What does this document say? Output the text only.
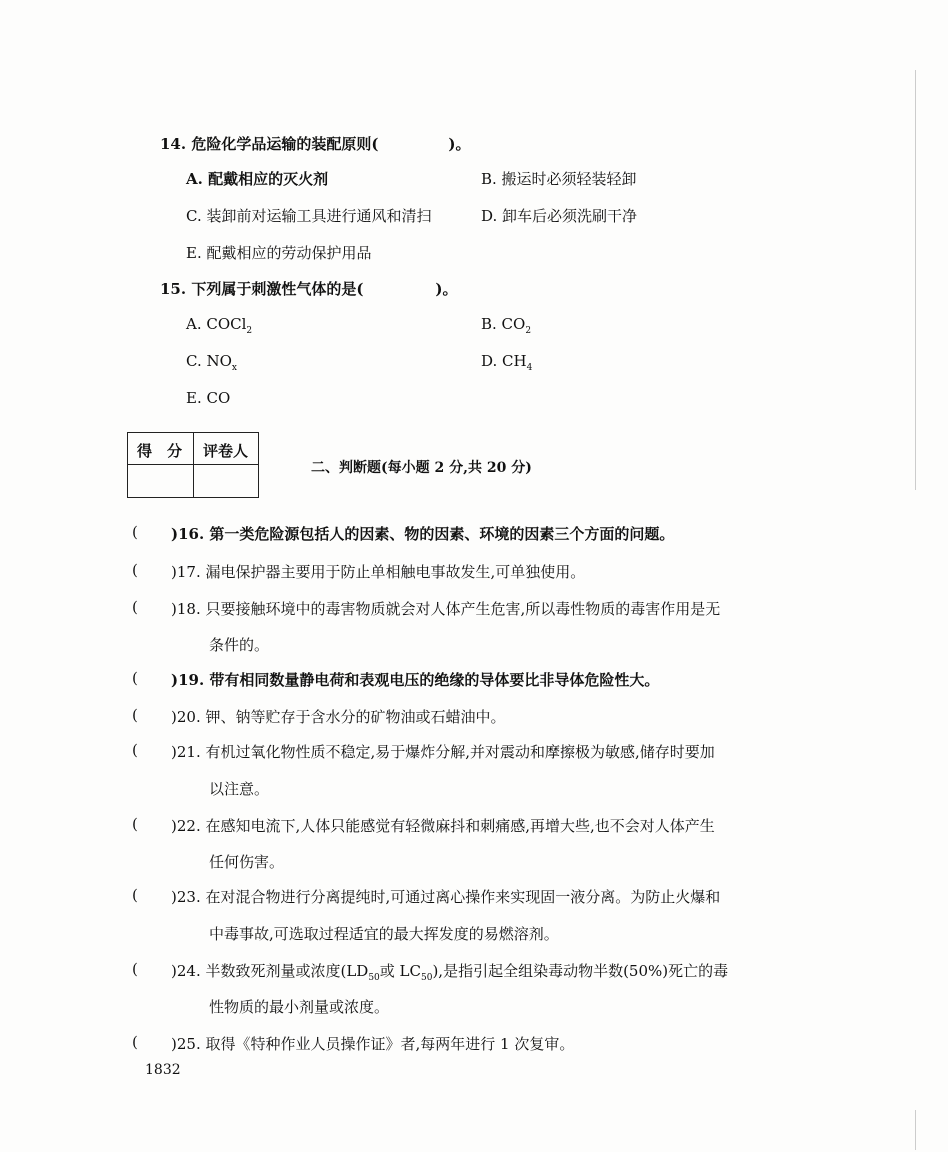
14. 危险化学品运输的装配原则(	)。
A. 配戴相应的灭火剂	B. 搬运时必须轻装轻卸
C. 装卸前对运输工具进行通风和清扫	D. 卸车后必须洗刷干净
E. 配戴相应的劳动保护用品
15. 下列属于刺激性气体的是(	)。
A. COCl$_2$	B. $CO_2$
C. $NO_x$	D. $CH_4$
E. CO
得　分 评卷人
二、判断题(每小题 2 分,共 20 分)
( )16. 第一类危险源包括人的因素、物的因素、环境的因素三个方面的问题。
( )17. 漏电保护器主要用于防止单相触电事故发生,可单独使用。
( )18. 只要接触环境中的毒害物质就会对人体产生危害,所以毒性物质的毒害作用是无
条件的。
( )19. 带有相同数量静电荷和表观电压的绝缘的导体要比非导体危险性大。
( )20. 钾、钠等贮存于含水分的矿物油或石蜡油中。
( )21. 有机过氧化物性质不稳定,易于爆炸分解,并对震动和摩擦极为敏感,储存时要加
以注意。
( )22. 在感知电流下,人体只能感觉有轻微麻抖和刺痛感,再增大些,也不会对人体产生
任何伤害。
( )23. 在对混合物进行分离提纯时,可通过离心操作来实现固一液分离。为防止火爆和
中毒事故,可选取过程适宜的最大挥发度的易燃溶剂。
( )24. 半数致死剂量或浓度($LD_{50}$或 $LC_{50}$),是指引起全组染毒动物半数(50%)死亡的毒
性物质的最小剂量或浓度。
( )25. 取得《特种作业人员操作证》者,每两年进行 1 次复审。
1832
